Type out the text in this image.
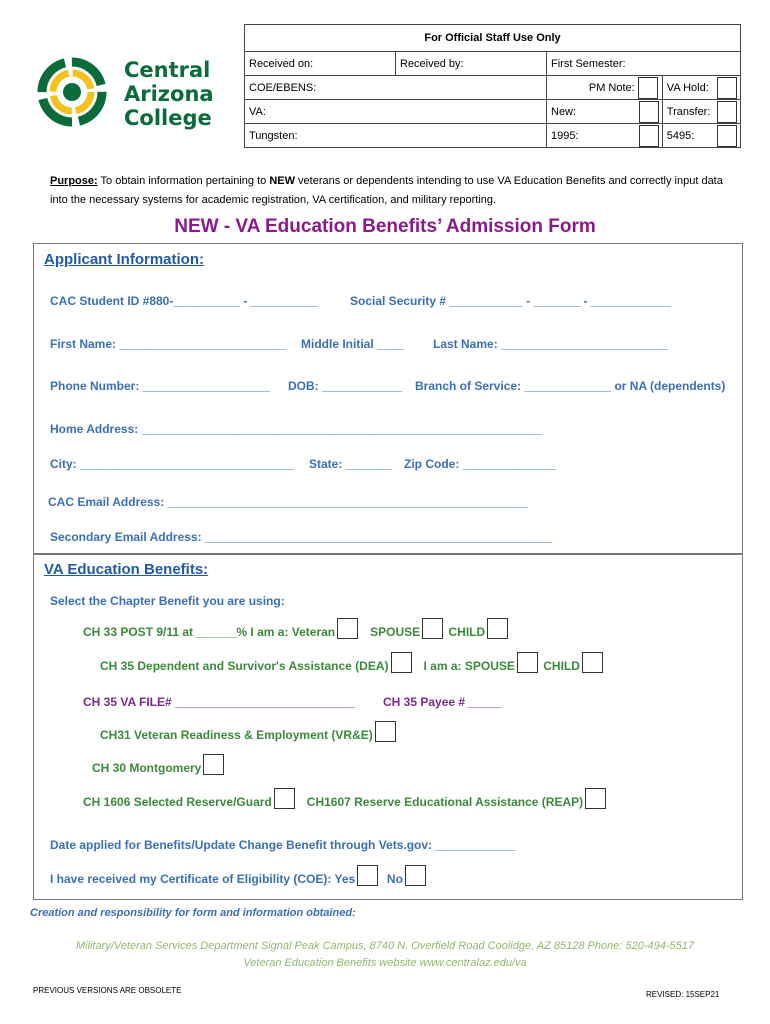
Central
Arizona
College
For Official Staff Use Only			
Received on:	Received by:	First Semester:	
COE/EBENS:		PM Note:	VA Hold:

VA:		New:	Transfer:

Tungsten:		1995:	5495:
Purpose: To obtain information pertaining to NEW veterans or dependents intending to use VA Education Benefits and correctly input data into the necessary systems for academic registration, VA certification, and military reporting.
NEW - VA Education Benefits’ Admission Form
Applicant Information:
CAC Student ID #880-__________ - __________	Social Security # ___________ - _______ - ____________
First Name: _________________________ Middle Initial ____ Last Name: _________________________
Phone Number: ___________________ DOB: ____________ Branch of Service: _____________ or NA (dependents)
Home Address: ____________________________________________________________
City: ________________________________ State: _______ Zip Code: ______________
CAC Email Address: ______________________________________________________
Secondary Email Address: ____________________________________________________
VA Education Benefits:
Select the Chapter Benefit you are using:
CH 33 POST 9/11 at ______% I am a: Veteran	SPOUSE CHILD
CH 35 Dependent and Survivor's Assistance (DEA)	I am a: SPOUSE CHILD
CH 35 VA FILE# ___________________________ CH 35 Payee # _____
CH31 Veteran Readiness & Employment (VR&E)
CH 30 Montgomery
CH 1606 Selected Reserve/Guard	CH1607 Reserve Educational Assistance (REAP)
Date applied for Benefits/Update Change Benefit through Vets.gov: ____________
I have received my Certificate of Eligibility (COE): Yes	No
Creation and responsibility for form and information obtained:
Military/Veteran Services Department Signal Peak Campus, 8740 N. Overfield Road Coolidge, AZ 85128 Phone: 520-494-5517
Veteran Education Benefits website www.centralaz.edu/va
PREVIOUS VERSIONS ARE OBSOLETE	REVISED: 15SEP21
